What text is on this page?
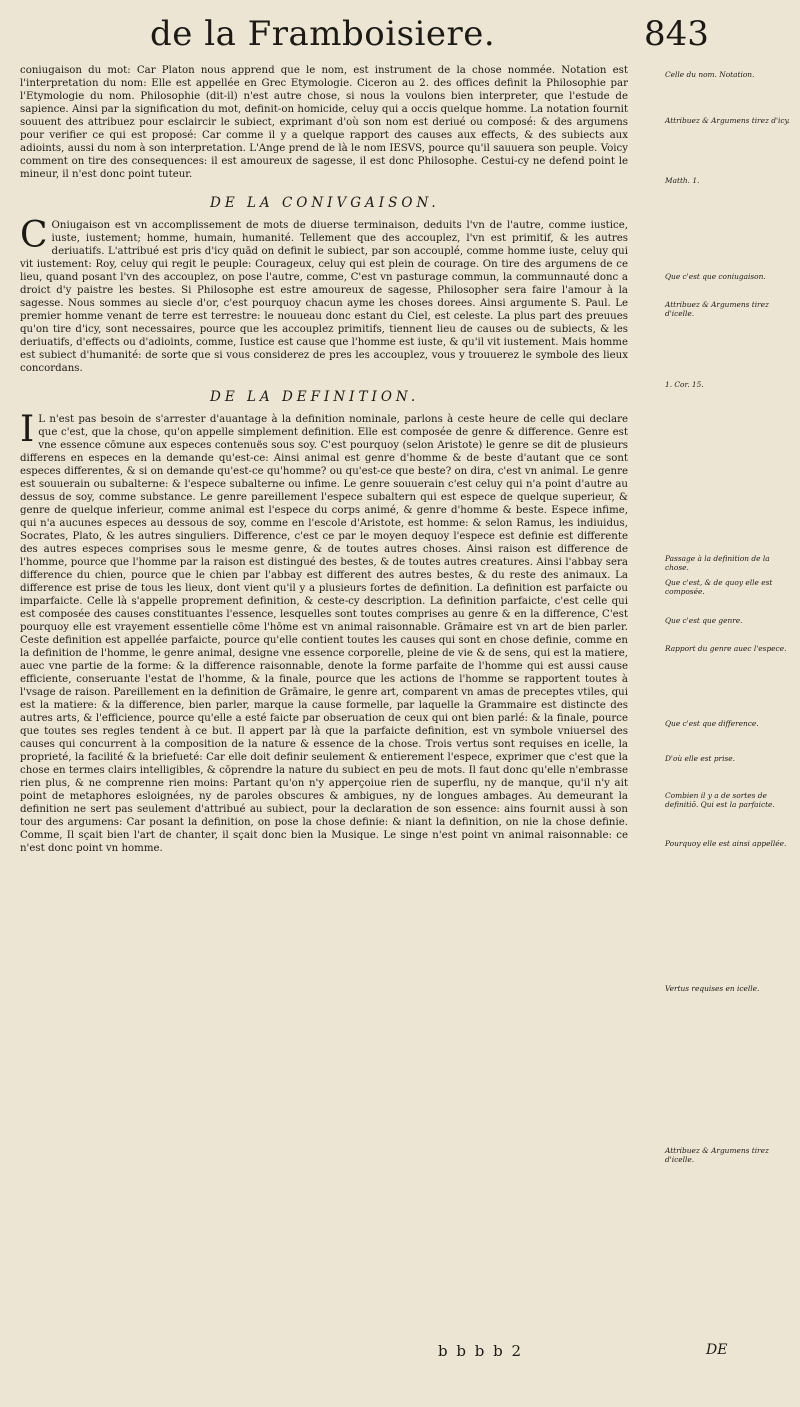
de la Framboisiere.	843

coniugaison du mot: Car Platon nous apprend que le nom, est instrument de la chose nommée. Notation est l'interpretation du nom: Elle est appellée en Grec Etymologie. Ciceron au 2. des offices definit la Philosophie par l'Etymologie du nom. Philosophie (dit-il) n'est autre chose, si nous la voulons bien interpreter, que l'estude de sapience. Ainsi par la signification du mot, definit-on homicide, celuy qui a occis quelque homme. La notation fournit souuent des attribuez pour esclaircir le subiect, exprimant d'où son nom est deriué ou composé: & des argumens pour verifier ce qui est proposé: Car comme il y a quelque rapport des causes aux effects, & des subiects aux adioints, aussi du nom à son interpretation. L'Ange prend de là le nom IESVS, pource qu'il sauuera son peuple. Voicy comment on tire des consequences: il est amoureux de sagesse, il est donc Philosophe. Cestui-cy ne defend point le mineur, il n'est donc point tuteur.

DE LA CONIVGAISON.

C Oniugaison est vn accomplissement de mots de diuerse terminaison, deduits l'vn de l'autre, comme iustice, iuste, iustement; homme, humain, humanité. Tellement que des accouplez, l'vn est primitif, & les autres deriuatifs. L'attribué est pris d'icy quād on definit le subiect, par son accouplé, comme homme iuste, celuy qui vit iustement: Roy, celuy qui regit le peuple: Courageux, celuy qui est plein de courage. On tire des argumens de ce lieu, quand posant l'vn des accouplez, on pose l'autre, comme, C'est vn pasturage commun, la communnauté donc a droict d'y paistre les bestes. Si Philosophe est estre amoureux de sagesse, Philosopher sera faire l'amour à la sagesse. Nous sommes au siecle d'or, c'est pourquoy chacun ayme les choses dorees. Ainsi argumente S. Paul. Le premier homme venant de terre est terrestre: le nouueau donc estant du Ciel, est celeste. La plus part des preuues qu'on tire d'icy, sont necessaires, pource que les accouplez primitifs, tiennent lieu de causes ou de subiects, & les deriuatifs, d'effects ou d'adioints, comme, Iustice est cause que l'homme est iuste, & qu'il vit iustement. Mais homme est subiect d'humanité: de sorte que si vous considerez de pres les accouplez, vous y trouuerez le symbole des lieux concordans.

DE LA DEFINITION.

I L n'est pas besoin de s'arrester d'auantage à la definition nominale, parlons à ceste heure de celle qui declare que c'est, que la chose, qu'on appelle simplement definition. Elle est composée de genre & difference. Genre est vne essence cōmune aux especes contenuës sous soy. C'est pourquoy (selon Aristote) le genre se dit de plusieurs differens en especes en la demande qu'est-ce: Ainsi animal est genre d'homme & de beste d'autant que ce sont especes differentes, & si on demande qu'est-ce qu'homme? ou qu'est-ce que beste? on dira, c'est vn animal. Le genre est souuerain ou subalterne: & l'espece subalterne ou infime. Le genre souuerain c'est celuy qui n'a point d'autre au dessus de soy, comme substance. Le genre pareillement l'espece subaltern qui est espece de quelque superieur, & genre de quelque inferieur, comme animal est l'espece du corps animé, & genre d'homme & beste. Espece infime, qui n'a aucunes especes au dessous de soy, comme en l'escole d'Aristote, est homme: & selon Ramus, les indiuidus, Socrates, Plato, & les autres singuliers. Difference, c'est ce par le moyen dequoy l'espece est definie est differente des autres especes comprises sous le mesme genre, & de toutes autres choses. Ainsi raison est difference de l'homme, pource que l'homme par la raison est distingué des bestes, & de toutes autres creatures. Ainsi l'abbay sera difference du chien, pource que le chien par l'abbay est different des autres bestes, & du reste des animaux. La difference est prise de tous les lieux, dont vient qu'il y a plusieurs fortes de definition. La definition est parfaicte ou imparfaicte. Celle là s'appelle proprement definition, & ceste-cy description. La definition parfaicte, c'est celle qui est composée des causes constituantes l'essence, lesquelles sont toutes comprises au genre & en la difference, C'est pourquoy elle est vrayement essentielle cōme l'hōme est vn animal raisonnable. Grāmaire est vn art de bien parler. Ceste definition est appellée parfaicte, pource qu'elle contient toutes les causes qui sont en chose definie, comme en la definition de l'homme, le genre animal, designe vne essence corporelle, pleine de vie & de sens, qui est la matiere, auec vne partie de la forme: & la difference raisonnable, denote la forme parfaite de l'homme qui est aussi cause efficiente, conseruante l'estat de l'homme, & la finale, pource que les actions de l'homme se rapportent toutes à l'vsage de raison. Pareillement en la definition de Grāmaire, le genre art, comparent vn amas de preceptes vtiles, qui est la matiere: & la difference, bien parler, marque la cause formelle, par laquelle la Grammaire est distincte des autres arts, & l'efficience, pource qu'elle a esté faicte par obseruation de ceux qui ont bien parlé: & la finale, pource que toutes ses regles tendent à ce but. Il appert par là que la parfaicte definition, est vn symbole vniuersel des causes qui concurrent à la composition de la nature & essence de la chose. Trois vertus sont requises en icelle, la proprieté, la facilité & la briefueté: Car elle doit definir seulement & entierement l'espece, exprimer que c'est que la chose en termes clairs intelligibles, & cōprendre la nature du subiect en peu de mots. Il faut donc qu'elle n'embrasse rien plus, & ne comprenne rien moins: Partant qu'on n'y apperçoiue rien de superflu, ny de manque, qu'il n'y ait point de metaphores esloignées, ny de paroles obscures & ambigues, ny de longues ambages. Au demeurant la definition ne sert pas seulement d'attribué au subiect, pour la declaration de son essence: ains fournit aussi à son tour des argumens: Car posant la definition, on pose la chose definie: & niant la definition, on nie la chose definie. Comme, Il sçait bien l'art de chanter, il sçait donc bien la Musique. Le singe n'est point vn animal raisonnable: ce n'est donc point vn homme.

Celle du nom. Notation.
Attribuez & Argumens tirez d'icy.
Matth. 1.
Que c'est que coniugaison.
Attribuez & Argumens tirez d'icelle.
1. Cor. 15.
Passage à la definition de la chose.
Que c'est, & de quoy elle est composée.
Que c'est que genre.
Rapport du genre auec l'espece.
Que c'est que difference.
D'où elle est prise.
Combien il y a de sortes de definitiō. Qui est la parfaicte.
Pourquoy elle est ainsi appellée.
Vertus requises en icelle.
Attribuez & Argumens tirez d'icelle.
b b b b 2	DE
